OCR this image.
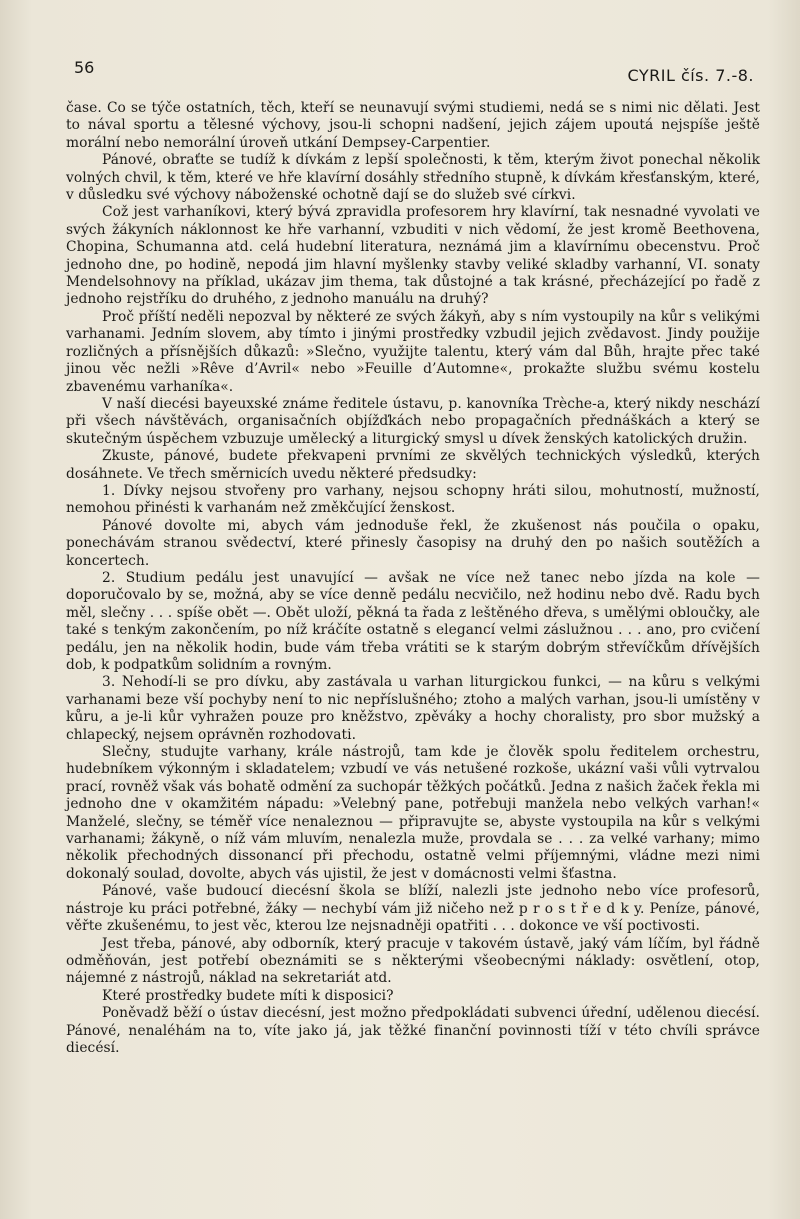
56	CYRIL čís. 7.-8.

čase. Co se týče ostatních, těch, kteří se neunavují svými studiemi, nedá se s nimi nic dělati. Jest to nával sportu a tělesné výchovy, jsou-li schopni nadšení, jejich zájem upoutá nejspíše ještě morální nebo nemorální úroveň utkání Dempsey-Carpentier.

Pánové, obraťte se tudíž k dívkám z lepší společnosti, k těm, kterým život ponechal několik volných chvil, k těm, které ve hře klavírní dosáhly středního stupně, k dívkám křesťanským, které, v důsledku své výchovy náboženské ochotně dají se do služeb své církvi.

Což jest varhaníkovi, který bývá zpravidla profesorem hry klavírní, tak nesnadné vyvolati ve svých žákyních náklonnost ke hře varhanní, vzbuditi v nich vědomí, že jest kromě Beethovena, Chopina, Schumanna atd. celá hudební literatura, neznámá jim a klavírnímu obecenstvu. Proč jednoho dne, po hodině, nepodá jim hlavní myšlenky stavby veliké skladby varhanní, VI. sonaty Mendelsohnovy na příklad, ukázav jim thema, tak důstojné a tak krásné, přecházející po řadě z jednoho rejstříku do druhého, z jednoho manuálu na druhý?

Proč příští neděli nepozval by některé ze svých žákyň, aby s ním vystoupily na kůr s velikými varhanami. Jedním slovem, aby tímto i jinými prostředky vzbudil jejich zvědavost. Jindy použije rozličných a přísnějších důkazů: »Slečno, využijte talentu, který vám dal Bůh, hrajte přec také jinou věc nežli »Rêve d’Avril« nebo »Feuille d’Automne«, prokažte službu svému kostelu zbavenému varhaníka«.

V naší diecési bayeuxské známe ředitele ústavu, p. kanovníka Trèche-a, který nikdy neschází při všech návštěvách, organisačních objížďkách nebo propagačních přednáškách a který se skutečným úspěchem vzbuzuje umělecký a liturgický smysl u dívek ženských katolických družin.

Zkuste, pánové, budete překvapeni prvními ze skvělých technických výsledků, kterých dosáhnete. Ve třech směrnicích uvedu některé předsudky:

1. Dívky nejsou stvořeny pro varhany, nejsou schopny hráti silou, mohutností, mužností, nemohou přinésti k varhanám než změkčující ženskost.

Pánové dovolte mi, abych vám jednoduše řekl, že zkušenost nás poučila o opaku, ponechávám stranou svědectví, které přinesly časopisy na druhý den po našich soutěžích a koncertech.

2. Studium pedálu jest unavující — avšak ne více než tanec nebo jízda na kole — doporučovalo by se, možná, aby se více denně pedálu necvičilo, než hodinu nebo dvě. Radu bych měl, slečny . . . spíše obět —. Obět uloží, pěkná ta řada z leštěného dřeva, s umělými obloučky, ale také s tenkým zakončením, po níž kráčíte ostatně s elegancí velmi záslužnou . . . ano, pro cvičení pedálu, jen na několik hodin, bude vám třeba vrátiti se k starým dobrým střevíčkům dřívějších dob, k podpatkům solidním a rovným.

3. Nehodí-li se pro dívku, aby zastávala u varhan liturgickou funkci, — na kůru s velkými varhanami beze vší pochyby není to nic nepříslušného; ztoho a malých varhan, jsou-li umístěny v kůru, a je-li kůr vyhražen pouze pro kněžstvo, zpěváky a hochy choralisty, pro sbor mužský a chlapecký, nejsem oprávněn rozhodovati.

Slečny, studujte varhany, krále nástrojů, tam kde je člověk spolu ředitelem orchestru, hudebníkem výkonným i skladatelem; vzbudí ve vás netušené rozkoše, ukázní vaši vůli vytrvalou prací, rovněž však vás bohatě odmění za suchopár těžkých počátků. Jedna z našich žaček řekla mi jednoho dne v okamžitém nápadu: »Velebný pane, potřebuji manžela nebo velkých varhan!« Manželé, slečny, se téměř více nenaleznou — připravujte se, abyste vystoupila na kůr s velkými varhanami; žákyně, o níž vám mluvím, nenalezla muže, provdala se . . . za velké varhany; mimo několik přechodných dissonancí při přechodu, ostatně velmi příjemnými, vládne mezi nimi dokonalý soulad, dovolte, abych vás ujistil, že jest v domácnosti velmi šťastna.

Pánové, vaše budoucí diecésní škola se blíží, nalezli jste jednoho nebo více profesorů, nástroje ku práci potřebné, žáky — nechybí vám již ničeho než p r o s t ř e d k y. Peníze, pánové, věřte zkušenému, to jest věc, kterou lze nejsnadněji opatřiti . . . dokonce ve vší poctivosti.

Jest třeba, pánové, aby odborník, který pracuje v takovém ústavě, jaký vám líčím, byl řádně odměňován, jest potřebí obeznámiti se s některými všeobecnými náklady: osvětlení, otop, nájemné z nástrojů, náklad na sekretariát atd.

Které prostředky budete míti k disposici?

Poněvadž běží o ústav diecésní, jest možno předpokládati subvenci úřední, udělenou diecésí. Pánové, nenaléhám na to, víte jako já, jak těžké finanční povinnosti tíží v této chvíli správce diecésí.
